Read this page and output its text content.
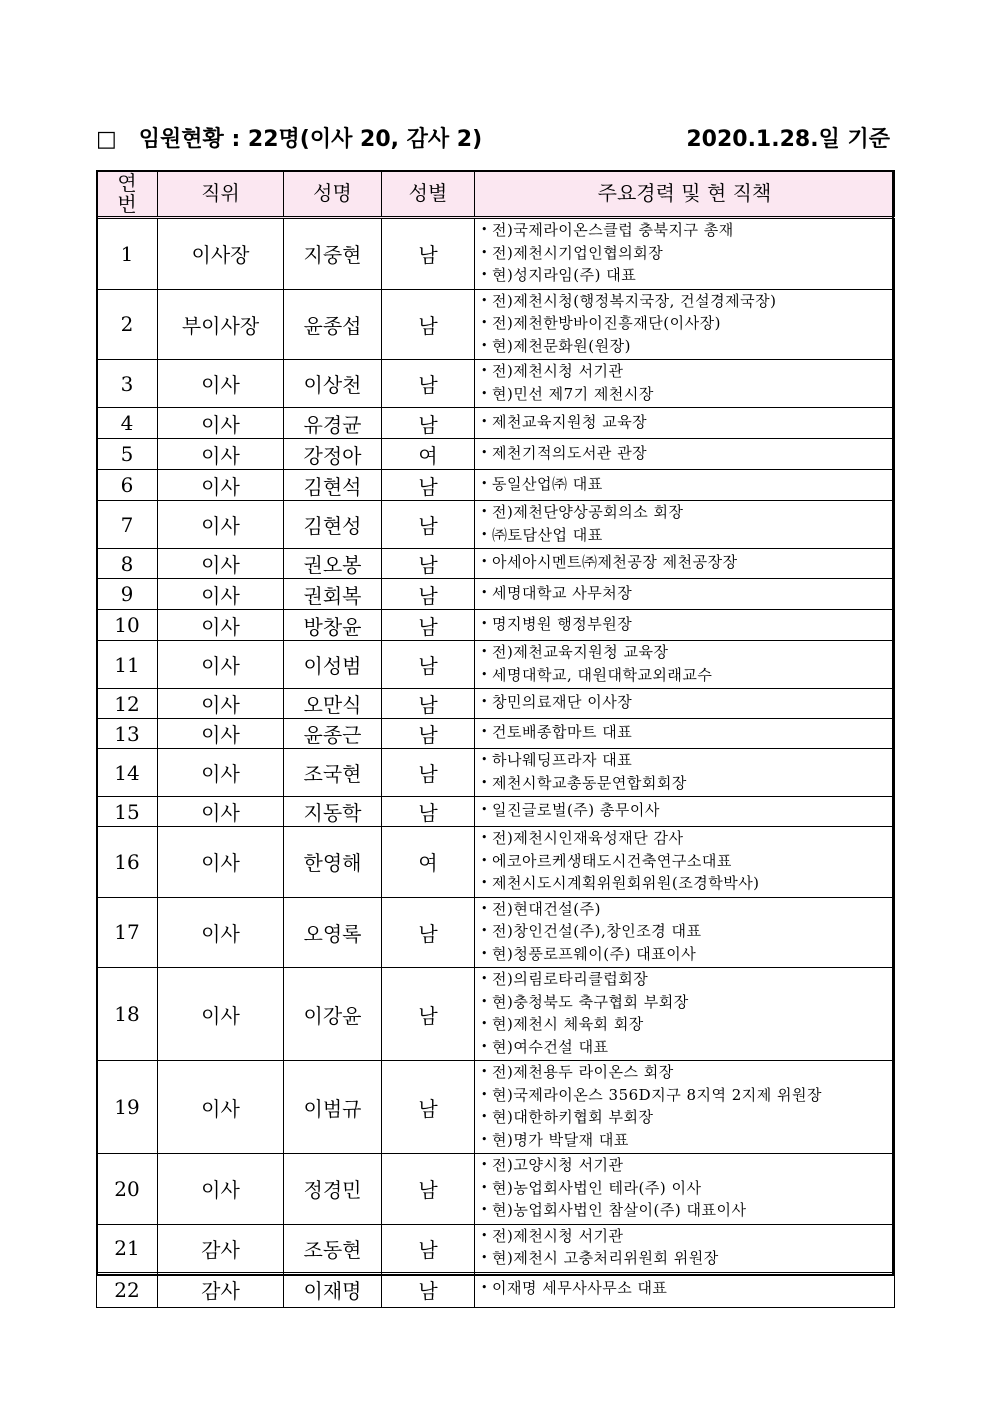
□ 임원현황 : 22명(이사 20, 감사 2)	2020.1.28.일 기준
연
번	직위	성명	성별	주요경력 및 현 직책
1	이사장	지중현	남	• 전)국제라이온스클럽 충북지구 총재
• 전)제천시기업인협의회장
• 현)성지라임(주) 대표

2	부이사장	윤종섭	남	• 전)제천시청(행정복지국장, 건설경제국장)
• 전)제천한방바이진흥재단(이사장)
• 현)제천문화원(원장)

3	이사	이상천	남	• 전)제천시청 서기관
• 현)민선 제7기 제천시장

4	이사	유경균	남	• 제천교육지원청 교육장

5	이사	강정아	여	• 제천기적의도서관 관장

6	이사	김현석	남	• 동일산업㈜ 대표

7	이사	김현성	남	• 전)제천단양상공회의소 회장
• ㈜토담산업 대표

8	이사	권오봉	남	• 아세아시멘트㈜제천공장 제천공장장

9	이사	권회복	남	• 세명대학교 사무처장

10	이사	방창윤	남	• 명지병원 행정부원장

11	이사	이성범	남	• 전)제천교육지원청 교육장
• 세명대학교, 대원대학교외래교수

12	이사	오만식	남	• 창민의료재단 이사장

13	이사	윤종근	남	• 건토배종합마트 대표

14	이사	조국현	남	• 하나웨딩프라자 대표
• 제천시학교총동문연합회회장

15	이사	지동학	남	• 일진글로벌(주) 총무이사

16	이사	한영해	여	• 전)제천시인재육성재단 감사
• 에코아르케생태도시건축연구소대표
• 제천시도시계획위원회위원(조경학박사)

17	이사	오영록	남	• 전)현대건설(주)
• 전)창인건설(주),창인조경 대표
• 현)청풍로프웨이(주) 대표이사

18	이사	이강윤	남	• 전)의림로타리클럽회장
• 현)충청북도 축구협회 부회장
• 현)제천시 체육회 회장
• 현)여수건설 대표

19	이사	이범규	남	• 전)제천용두 라이온스 회장
• 현)국제라이온스 356D지구 8지역 2지제 위원장
• 현)대한하키협회 부회장
• 현)명가 박달재 대표

20	이사	정경민	남	• 전)고양시청 서기관
• 현)농업회사법인 테라(주) 이사
• 현)농업회사법인 참살이(주) 대표이사

21	감사	조동현	남	• 전)제천시청 서기관
• 현)제천시 고충처리위원회 위원장

22	감사	이재명	남	• 이재명 세무사사무소 대표
